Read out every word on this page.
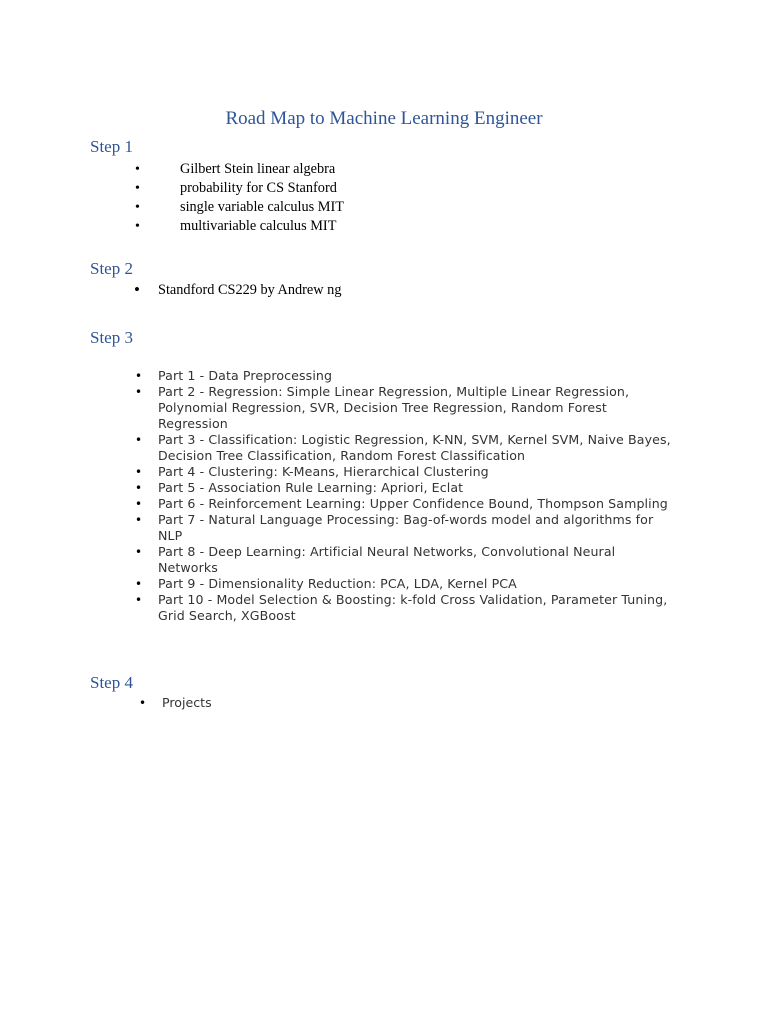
Road Map to Machine Learning Engineer
Step 1
•	Gilbert Stein linear algebra
•	probability for CS Stanford
•	single variable calculus MIT
•	multivariable calculus MIT
Step 2
• Standford CS229 by Andrew ng
Step 3
• Part 1 - Data Preprocessing
• Part 2 - Regression: Simple Linear Regression, Multiple Linear Regression, Polynomial Regression, SVR, Decision Tree Regression, Random Forest Regression
• Part 3 - Classification: Logistic Regression, K-NN, SVM, Kernel SVM, Naive Bayes, Decision Tree Classification, Random Forest Classification
• Part 4 - Clustering: K-Means, Hierarchical Clustering
• Part 5 - Association Rule Learning: Apriori, Eclat
• Part 6 - Reinforcement Learning: Upper Confidence Bound, Thompson Sampling
• Part 7 - Natural Language Processing: Bag-of-words model and algorithms for NLP
• Part 8 - Deep Learning: Artificial Neural Networks, Convolutional Neural Networks
• Part 9 - Dimensionality Reduction: PCA, LDA, Kernel PCA
• Part 10 - Model Selection & Boosting: k-fold Cross Validation, Parameter Tuning, Grid Search, XGBoost
Step 4
• Projects
